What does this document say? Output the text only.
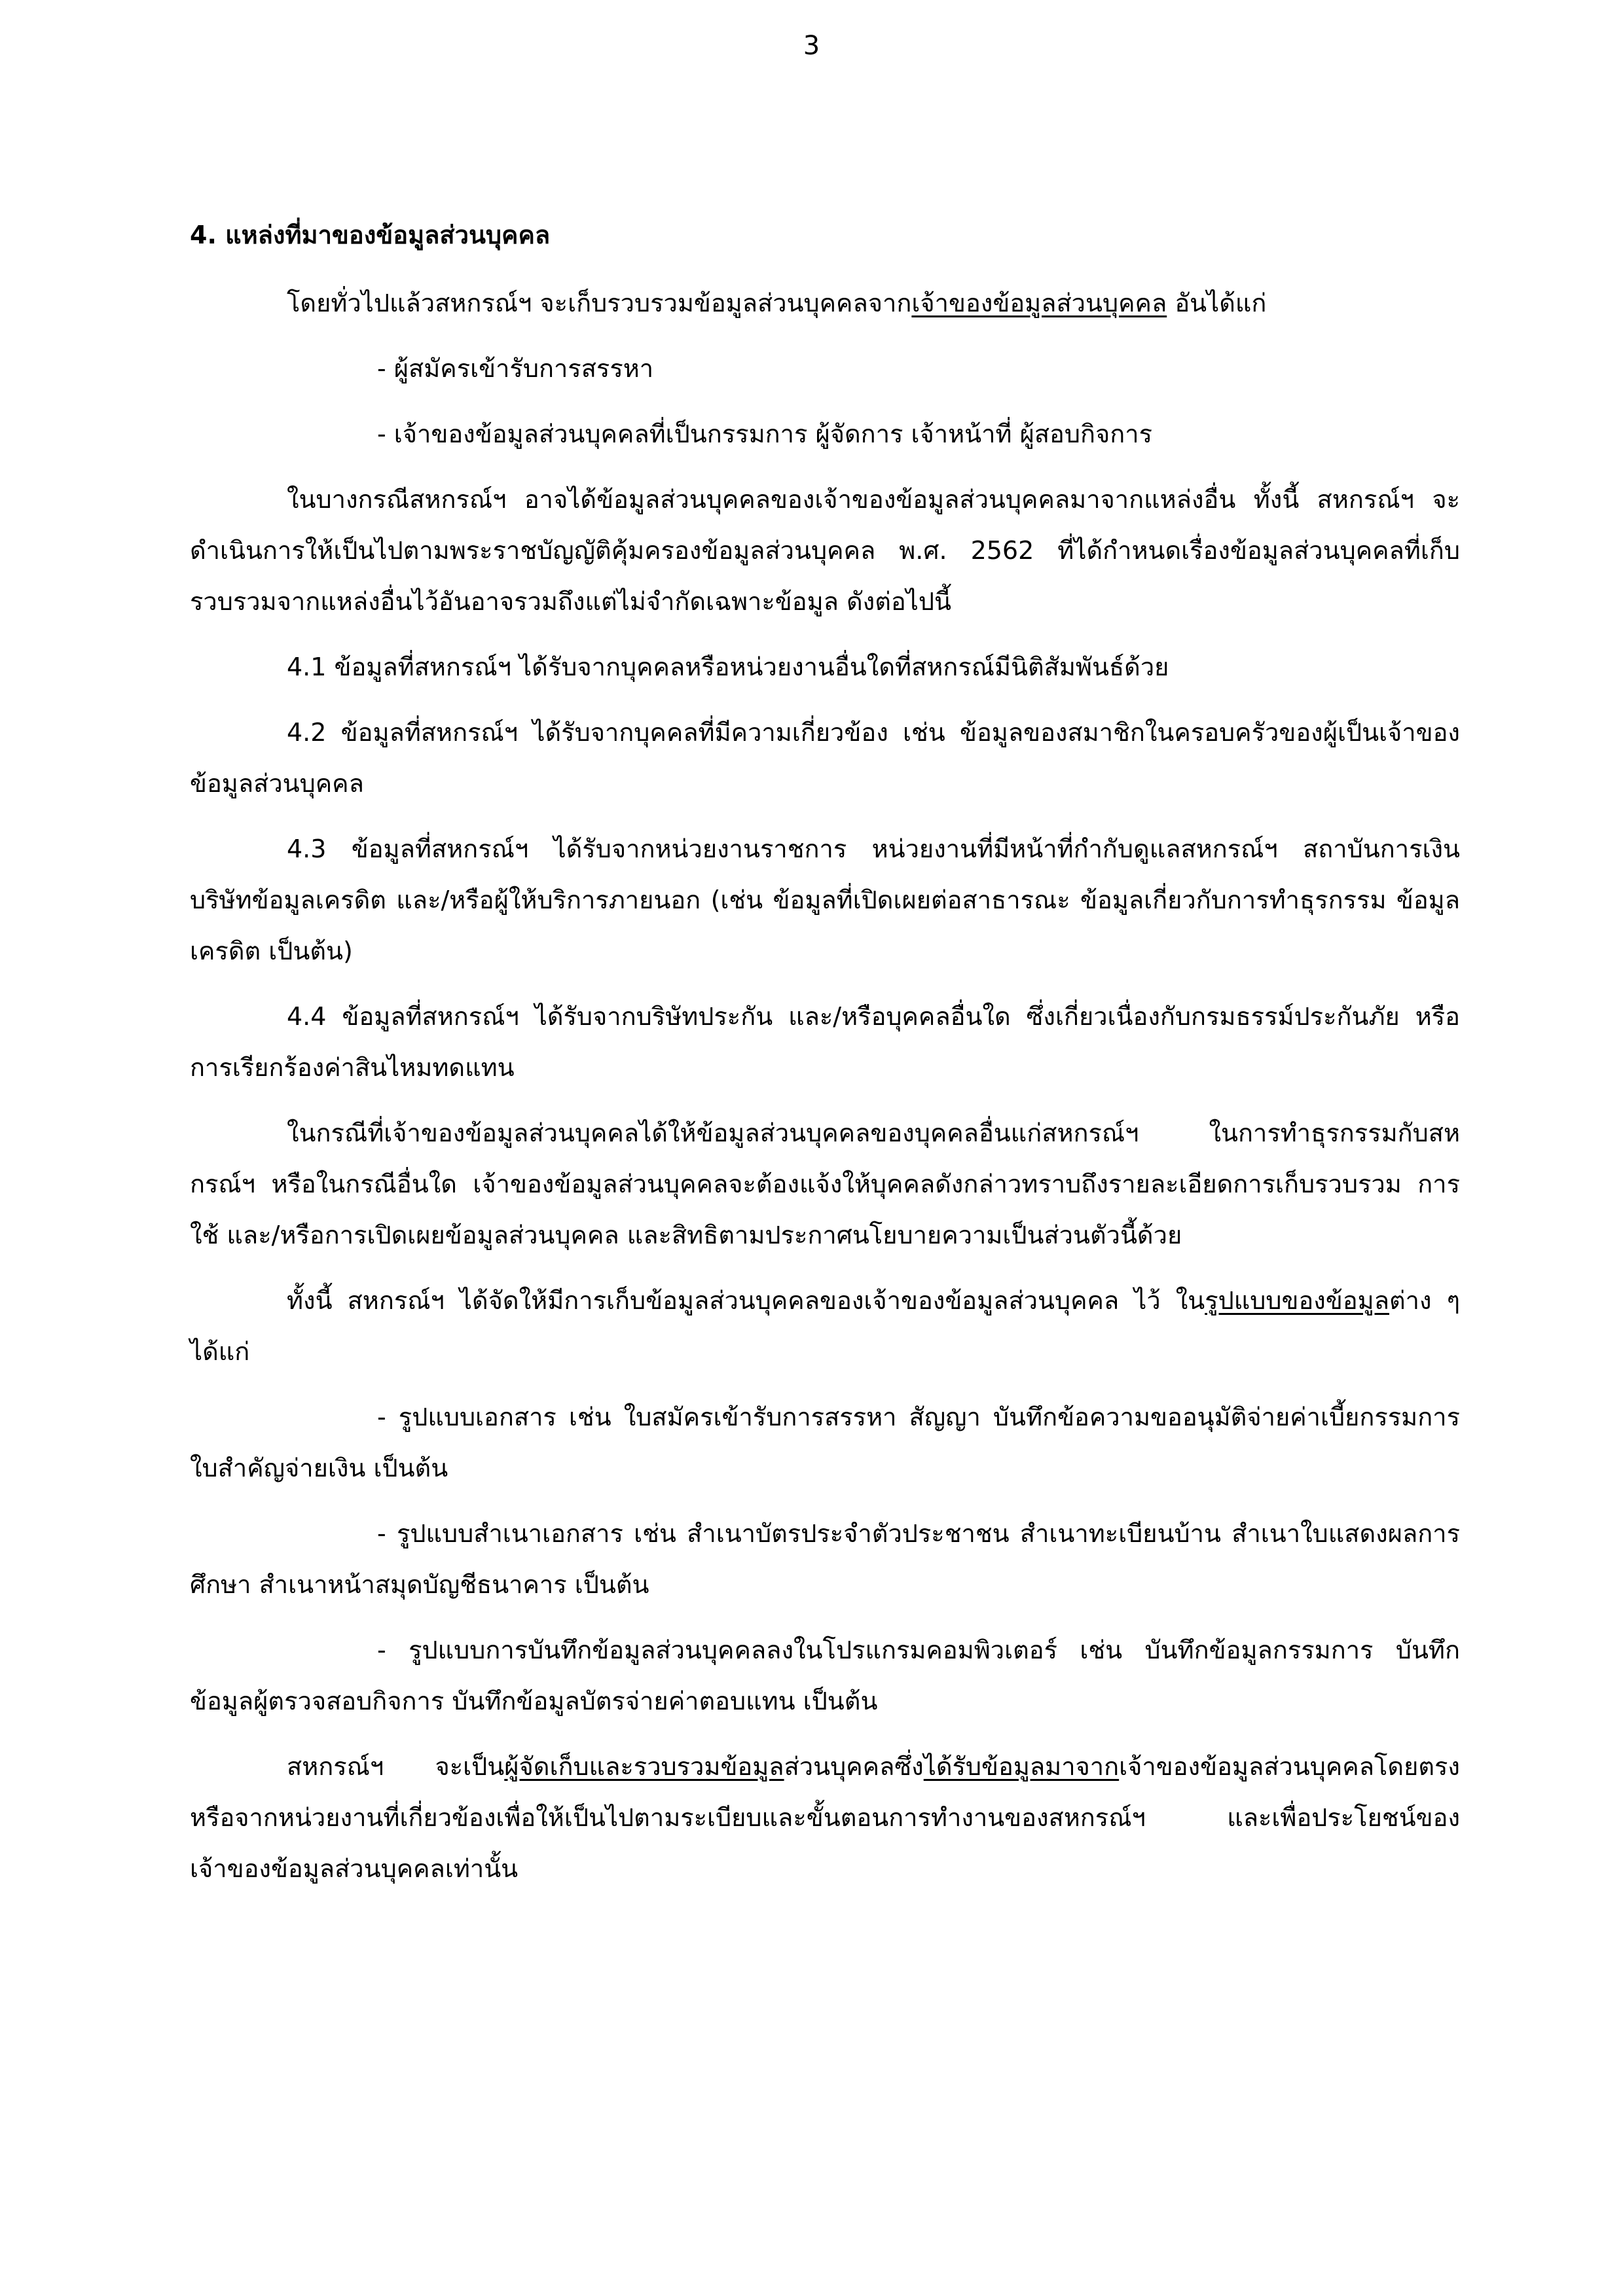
3

4. แหล่งที่มาของข้อมูลส่วนบุคคล

โดยทั่วไปแล้วสหกรณ์ฯ จะเก็บรวบรวมข้อมูลส่วนบุคคลจากเจ้าของข้อมูลส่วนบุคคล อันได้แก่

- ผู้สมัครเข้ารับการสรรหา

- เจ้าของข้อมูลส่วนบุคคลที่เป็นกรรมการ ผู้จัดการ เจ้าหน้าที่ ผู้สอบกิจการ

ในบางกรณีสหกรณ์ฯ อาจได้ข้อมูลส่วนบุคคลของเจ้าของข้อมูลส่วนบุคคลมาจากแหล่งอื่น ทั้งนี้ สหกรณ์ฯ จะดำเนินการให้เป็นไปตามพระราชบัญญัติคุ้มครองข้อมูลส่วนบุคคล พ.ศ. 2562 ที่ได้กำหนดเรื่องข้อมูลส่วนบุคคลที่เก็บรวบรวมจากแหล่งอื่นไว้อันอาจรวมถึงแต่ไม่จำกัดเฉพาะข้อมูล ดังต่อไปนี้

4.1 ข้อมูลที่สหกรณ์ฯ ได้รับจากบุคคลหรือหน่วยงานอื่นใดที่สหกรณ์มีนิติสัมพันธ์ด้วย

4.2 ข้อมูลที่สหกรณ์ฯ ได้รับจากบุคคลที่มีความเกี่ยวข้อง เช่น ข้อมูลของสมาชิกในครอบครัวของผู้เป็นเจ้าของข้อมูลส่วนบุคคล

4.3 ข้อมูลที่สหกรณ์ฯ ได้รับจากหน่วยงานราชการ หน่วยงานที่มีหน้าที่กำกับดูแลสหกรณ์ฯ สถาบันการเงิน บริษัทข้อมูลเครดิต และ/หรือผู้ให้บริการภายนอก (เช่น ข้อมูลที่เปิดเผยต่อสาธารณะ ข้อมูลเกี่ยวกับการทำธุรกรรม ข้อมูลเครดิต เป็นต้น)

4.4 ข้อมูลที่สหกรณ์ฯ ได้รับจากบริษัทประกัน และ/หรือบุคคลอื่นใด ซึ่งเกี่ยวเนื่องกับกรมธรรม์ประกันภัย หรือการเรียกร้องค่าสินไหมทดแทน

ในกรณีที่เจ้าของข้อมูลส่วนบุคคลได้ให้ข้อมูลส่วนบุคคลของบุคคลอื่นแก่สหกรณ์ฯ ในการทำธุรกรรมกับสหกรณ์ฯ หรือในกรณีอื่นใด เจ้าของข้อมูลส่วนบุคคลจะต้องแจ้งให้บุคคลดังกล่าวทราบถึงรายละเอียดการเก็บรวบรวม การใช้ และ/หรือการเปิดเผยข้อมูลส่วนบุคคล และสิทธิตามประกาศนโยบายความเป็นส่วนตัวนี้ด้วย

ทั้งนี้ สหกรณ์ฯ ได้จัดให้มีการเก็บข้อมูลส่วนบุคคลของเจ้าของข้อมูลส่วนบุคคล ไว้ ในรูปแบบของข้อมูลต่าง ๆ ได้แก่

- รูปแบบเอกสาร เช่น ใบสมัครเข้ารับการสรรหา สัญญา บันทึกข้อความขออนุมัติจ่ายค่าเบี้ยกรรมการ ใบสำคัญจ่ายเงิน เป็นต้น

- รูปแบบสำเนาเอกสาร เช่น สำเนาบัตรประจำตัวประชาชน สำเนาทะเบียนบ้าน สำเนาใบแสดงผลการศึกษา สำเนาหน้าสมุดบัญชีธนาคาร เป็นต้น

- รูปแบบการบันทึกข้อมูลส่วนบุคคลลงในโปรแกรมคอมพิวเตอร์ เช่น บันทึกข้อมูลกรรมการ บันทึกข้อมูลผู้ตรวจสอบกิจการ บันทึกข้อมูลบัตรจ่ายค่าตอบแทน เป็นต้น

สหกรณ์ฯ จะเป็นผู้จัดเก็บและรวบรวมข้อมูลส่วนบุคคลซึ่งได้รับข้อมูลมาจากเจ้าของข้อมูลส่วนบุคคลโดยตรง หรือจากหน่วยงานที่เกี่ยวข้องเพื่อให้เป็นไปตามระเบียบและขั้นตอนการทำงานของสหกรณ์ฯ และเพื่อประโยชน์ของเจ้าของข้อมูลส่วนบุคคลเท่านั้น
